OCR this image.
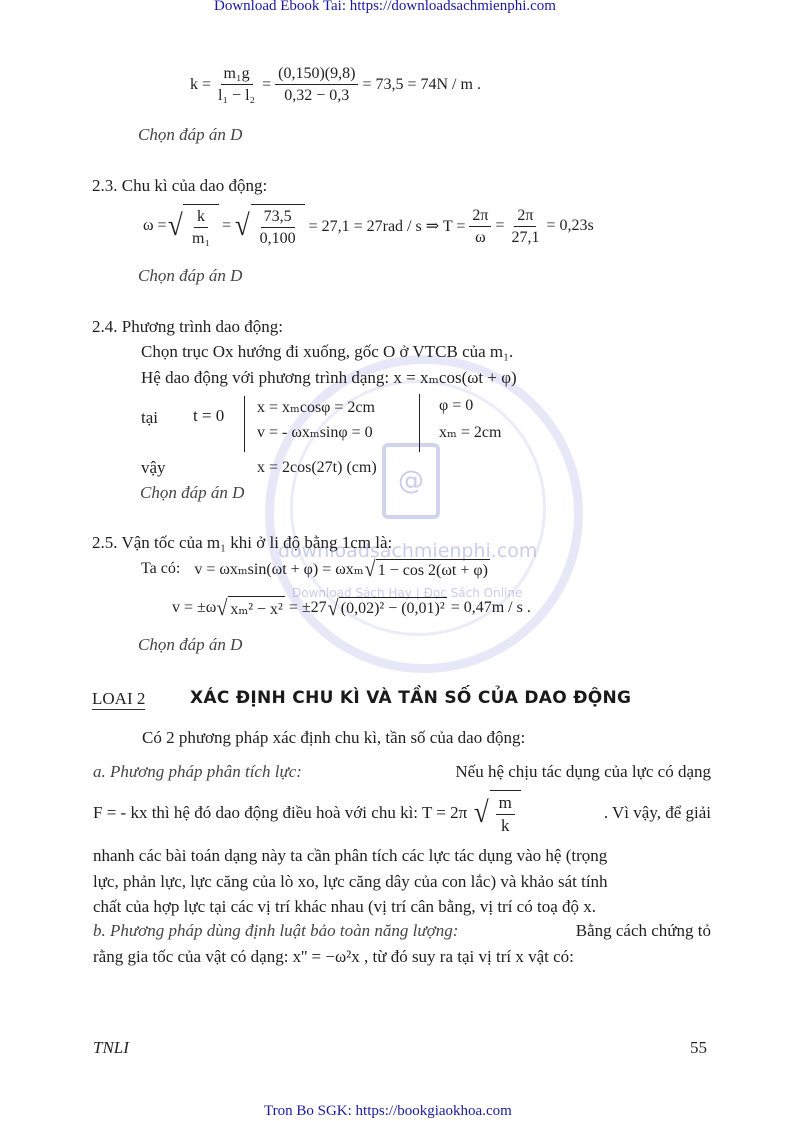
@
downloadsachmienphi.com
Download Sách Hay | Đọc Sách Online
Download Ebook Tai: https://downloadsachmienphi.com
$k = \frac{\text{m₁g}}{\text{l₁ − l₂}} = \frac{(0,150)(9,8)}{0,32 - 0,3} = 73,5 = 74N / m$ .
Chọn đáp án D
2.3. Chu kì của dao động:
ω = √ $\frac{k}{\text{m₁}}$ = √ $\frac{73,5}{0,100} = 27,1 = 27rad / s$ ⇒ $T = \frac{2\pi}{\omega} = \frac{2\pi}{27,1} = 0,23s$
Chọn đáp án D
2.4. Phương trình dao động:
Chọn trục Ox hướng đi xuống, gốc O ở VTCB của m₁.
Hệ dao động với phương trình dạng: x = xₘcos(ωt + φ)
tại t = 0 x = xₘcosφ = 2cm
v = - ωxₘsinφ = 0
φ = 0
xₘ = 2cm
vậy	x = 2cos(27t) (cm)
Chọn đáp án D
2.5. Vận tốc của m₁ khi ở li độ bằng 1cm là:
Ta có: v = ωxₘsin(ωt + φ) = ωxₘ √ 1 − cos 2(ωt + φ)
v = ±ω √ xₘ² − x² = ±27 √ (0,02)² − (0,01)² = 0,47m / s .
Chọn đáp án D
LOAI 2	XÁC ĐỊNH CHU KÌ VÀ TẦN SỐ CỦA DAO ĐỘNG
Có 2 phương pháp xác định chu kì, tần số của dao động:
a. Phương pháp phân tích lực:	Nếu hệ chịu tác dụng của lực có dạng
F = - kx thì hệ đó dao động điều hoà với chu kì: T = 2π √ $\frac{m}{k}$	. Vì vậy, để giải
nhanh các bài toán dạng này ta cần phân tích các lực tác dụng vào hệ (trọng
lực, phản lực, lực căng của lò xo, lực căng dây của con lắc) và khảo sát tính
chất của hợp lực tại các vị trí khác nhau (vị trí cân bằng, vị trí có toạ độ x.
b. Phương pháp dùng định luật bảo toàn năng lượng:	Bằng cách chứng tỏ
rằng gia tốc của vật có dạng: x'' = −ω²x , từ đó suy ra tại vị trí x vật có:
TNLI	55
Tron Bo SGK: https://bookgiaokhoa.com
